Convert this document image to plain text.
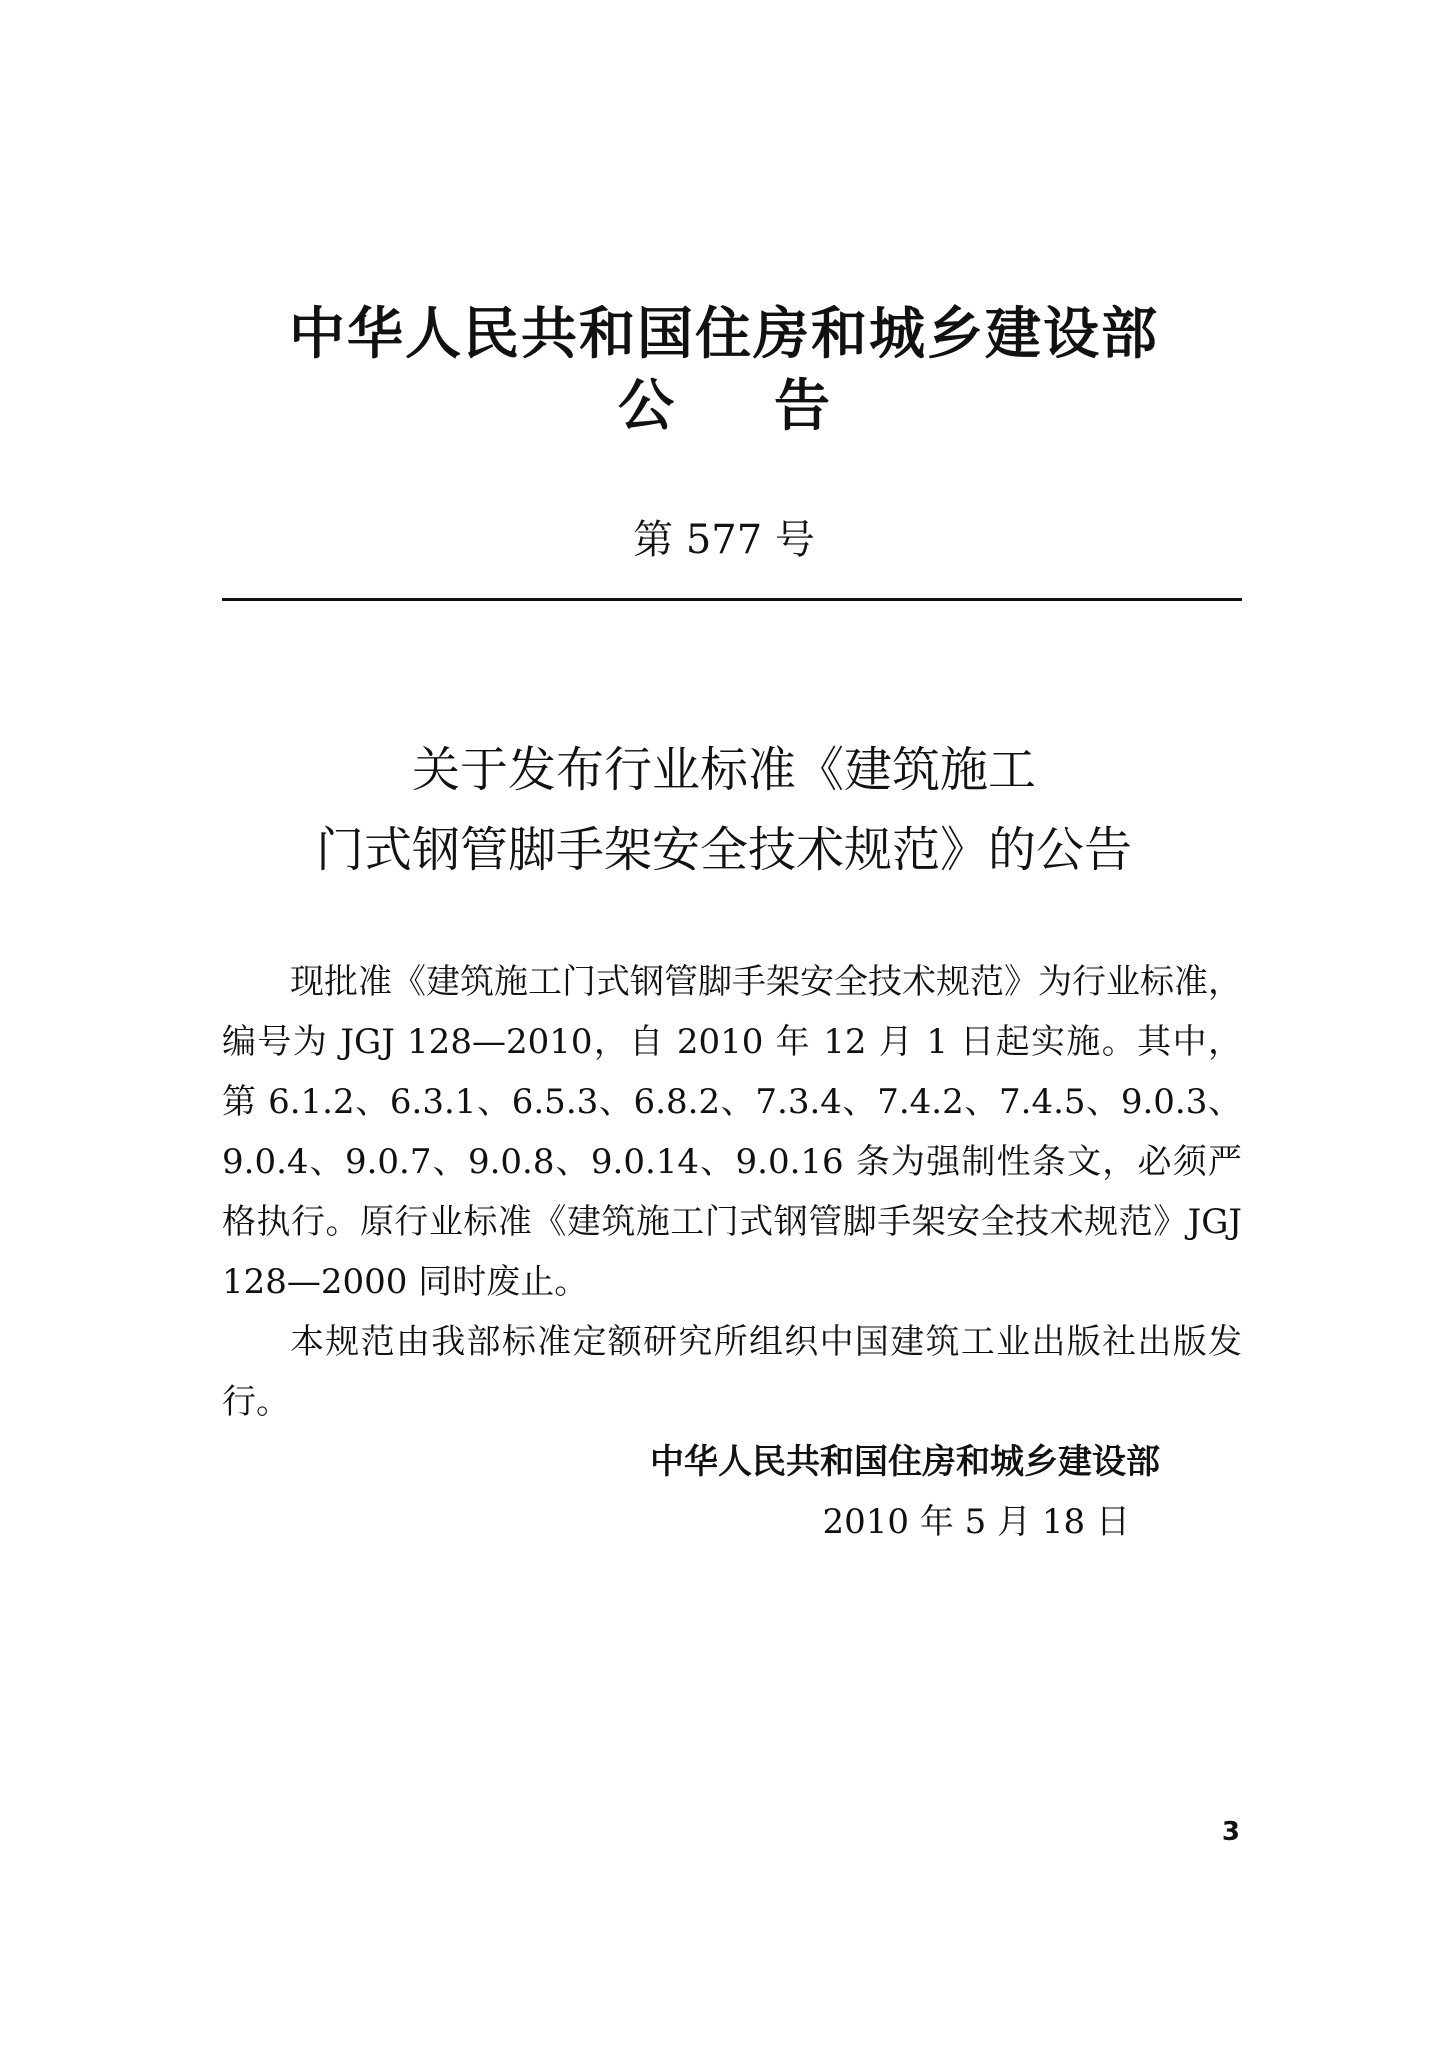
中华人民共和国住房和城乡建设部
公告
第 577 号
关于发布行业标准《建筑施工
门式钢管脚手架安全技术规范》的公告

现批准《建筑施工门式钢管脚手架安全技术规范》为行业标准，编号为 JGJ 128—2010，自 2010 年 12 月 1 日起实施。其中，第 6.1.2、6.3.1、6.5.3、6.8.2、7.3.4、7.4.2、7.4.5、9.0.3、9.0.4、9.0.7、9.0.8、9.0.14、9.0.16 条为强制性条文，必须严格执行。原行业标准《建筑施工门式钢管脚手架安全技术规范》JGJ 128—2000 同时废止。

本规范由我部标准定额研究所组织中国建筑工业出版社出版发行。

中华人民共和国住房和城乡建设部
2010 年 5 月 18 日
3
